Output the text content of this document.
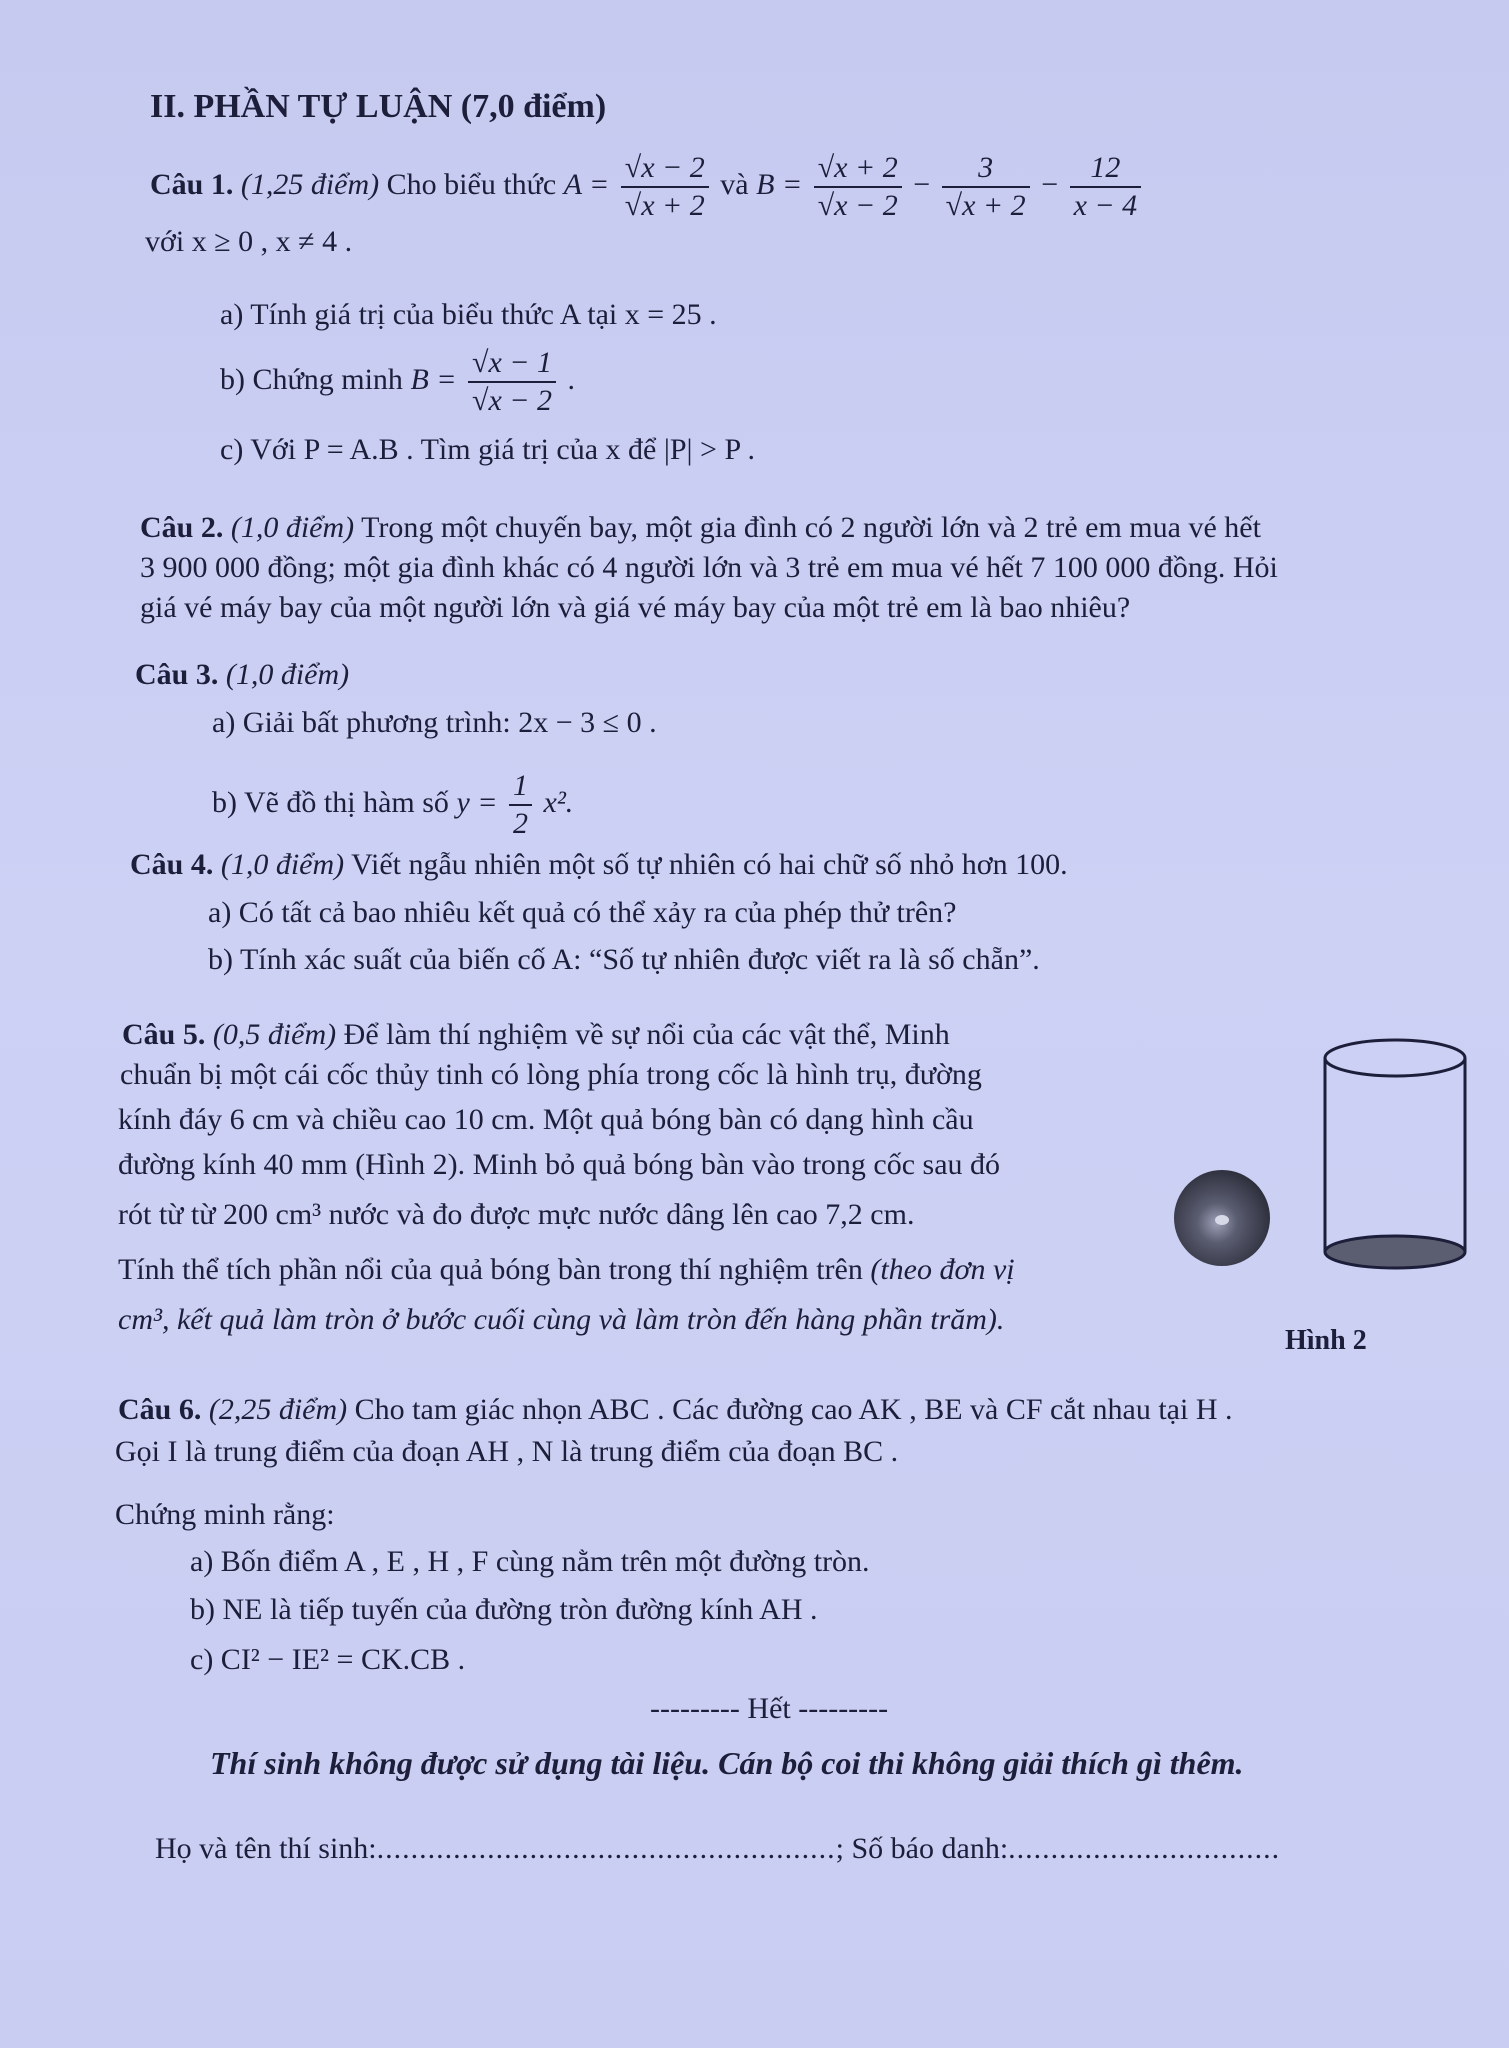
II. PHẦN TỰ LUẬN (7,0 điểm)
Câu 1. (1,25 điểm) Cho biểu thức $A = \frac{√x - 2}{√x + 2}$ và $B = \frac{√x + 2}{√x - 2} - \frac{3}{√x + 2} - \frac{12}{x - 4}$
với x ≥ 0 , x ≠ 4 .
a) Tính giá trị của biểu thức A tại x = 25 .
b) Chứng minh $B = \frac{√x - 1}{√x - 2}$ .
c) Với P = A.B . Tìm giá trị của x để |P| > P .
Câu 2. (1,0 điểm) Trong một chuyến bay, một gia đình có 2 người lớn và 2 trẻ em mua vé hết
3 900 000 đồng; một gia đình khác có 4 người lớn và 3 trẻ em mua vé hết 7 100 000 đồng. Hỏi
giá vé máy bay của một người lớn và giá vé máy bay của một trẻ em là bao nhiêu?
Câu 3. (1,0 điểm)
a) Giải bất phương trình: 2x − 3 ≤ 0 .
b) Vẽ đồ thị hàm số $y = \frac{1}{2} x^2$.
Câu 4. (1,0 điểm) Viết ngẫu nhiên một số tự nhiên có hai chữ số nhỏ hơn 100.
a) Có tất cả bao nhiêu kết quả có thể xảy ra của phép thử trên?
b) Tính xác suất của biến cố A: “Số tự nhiên được viết ra là số chẵn”.
Câu 5. (0,5 điểm) Để làm thí nghiệm về sự nổi của các vật thể, Minh
chuẩn bị một cái cốc thủy tinh có lòng phía trong cốc là hình trụ, đường
kính đáy 6 cm và chiều cao 10 cm. Một quả bóng bàn có dạng hình cầu
đường kính 40 mm (Hình 2). Minh bỏ quả bóng bàn vào trong cốc sau đó
rót từ từ 200 cm³ nước và đo được mực nước dâng lên cao 7,2 cm.
Tính thể tích phần nổi của quả bóng bàn trong thí nghiệm trên (theo đơn vị
cm³, kết quả làm tròn ở bước cuối cùng và làm tròn đến hàng phần trăm).
Hình 2
Câu 6. (2,25 điểm) Cho tam giác nhọn ABC . Các đường cao AK , BE và CF cắt nhau tại H .
Gọi I là trung điểm của đoạn AH , N là trung điểm của đoạn BC .
Chứng minh rằng:
a) Bốn điểm A , E , H , F cùng nằm trên một đường tròn.
b) NE là tiếp tuyến của đường tròn đường kính AH .
c) CI² − IE² = CK.CB .
--------- Hết ---------
Thí sinh không được sử dụng tài liệu. Cán bộ coi thi không giải thích gì thêm.
Họ và tên thí sinh:......................................................; Số báo danh:................................
